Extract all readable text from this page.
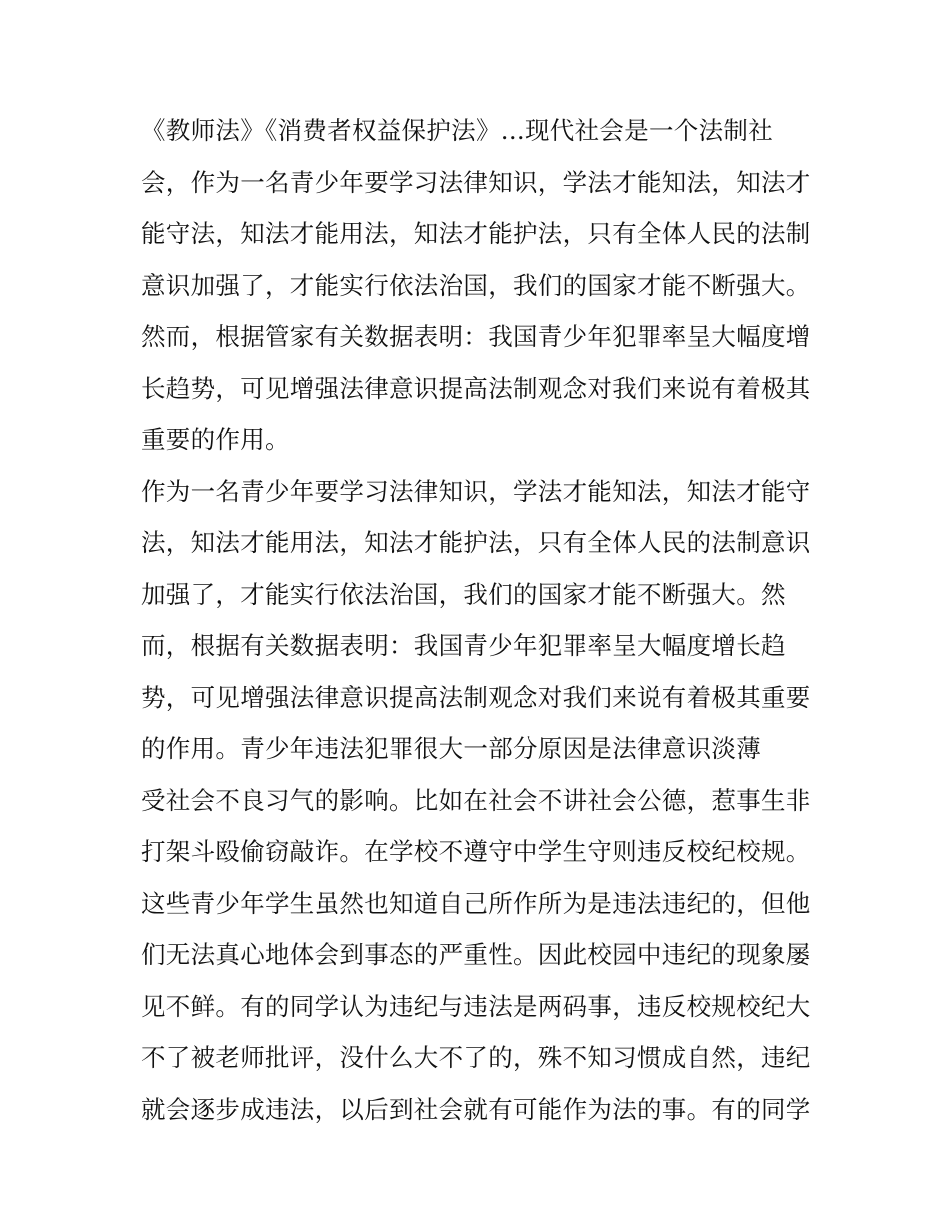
《教师法》《消费者权益保护法》...现代社会是一个法制社
会，作为一名青少年要学习法律知识，学法才能知法，知法才
能守法，知法才能用法，知法才能护法，只有全体人民的法制
意识加强了，才能实行依法治国，我们的国家才能不断强大。
然而，根据管家有关数据表明：我国青少年犯罪率呈大幅度增
长趋势，可见增强法律意识提高法制观念对我们来说有着极其
重要的作用。
作为一名青少年要学习法律知识，学法才能知法，知法才能守
法，知法才能用法，知法才能护法，只有全体人民的法制意识
加强了，才能实行依法治国，我们的国家才能不断强大。然
而，根据有关数据表明：我国青少年犯罪率呈大幅度增长趋
势，可见增强法律意识提高法制观念对我们来说有着极其重要
的作用。青少年违法犯罪很大一部分原因是法律意识淡薄
受社会不良习气的影响。比如在社会不讲社会公德，惹事生非
打架斗殴偷窃敲诈。在学校不遵守中学生守则违反校纪校规。
这些青少年学生虽然也知道自己所作所为是违法违纪的，但他
们无法真心地体会到事态的严重性。因此校园中违纪的现象屡
见不鲜。有的同学认为违纪与违法是两码事，违反校规校纪大
不了被老师批评，没什么大不了的，殊不知习惯成自然，违纪
就会逐步成违法，以后到社会就有可能作为法的事。有的同学
